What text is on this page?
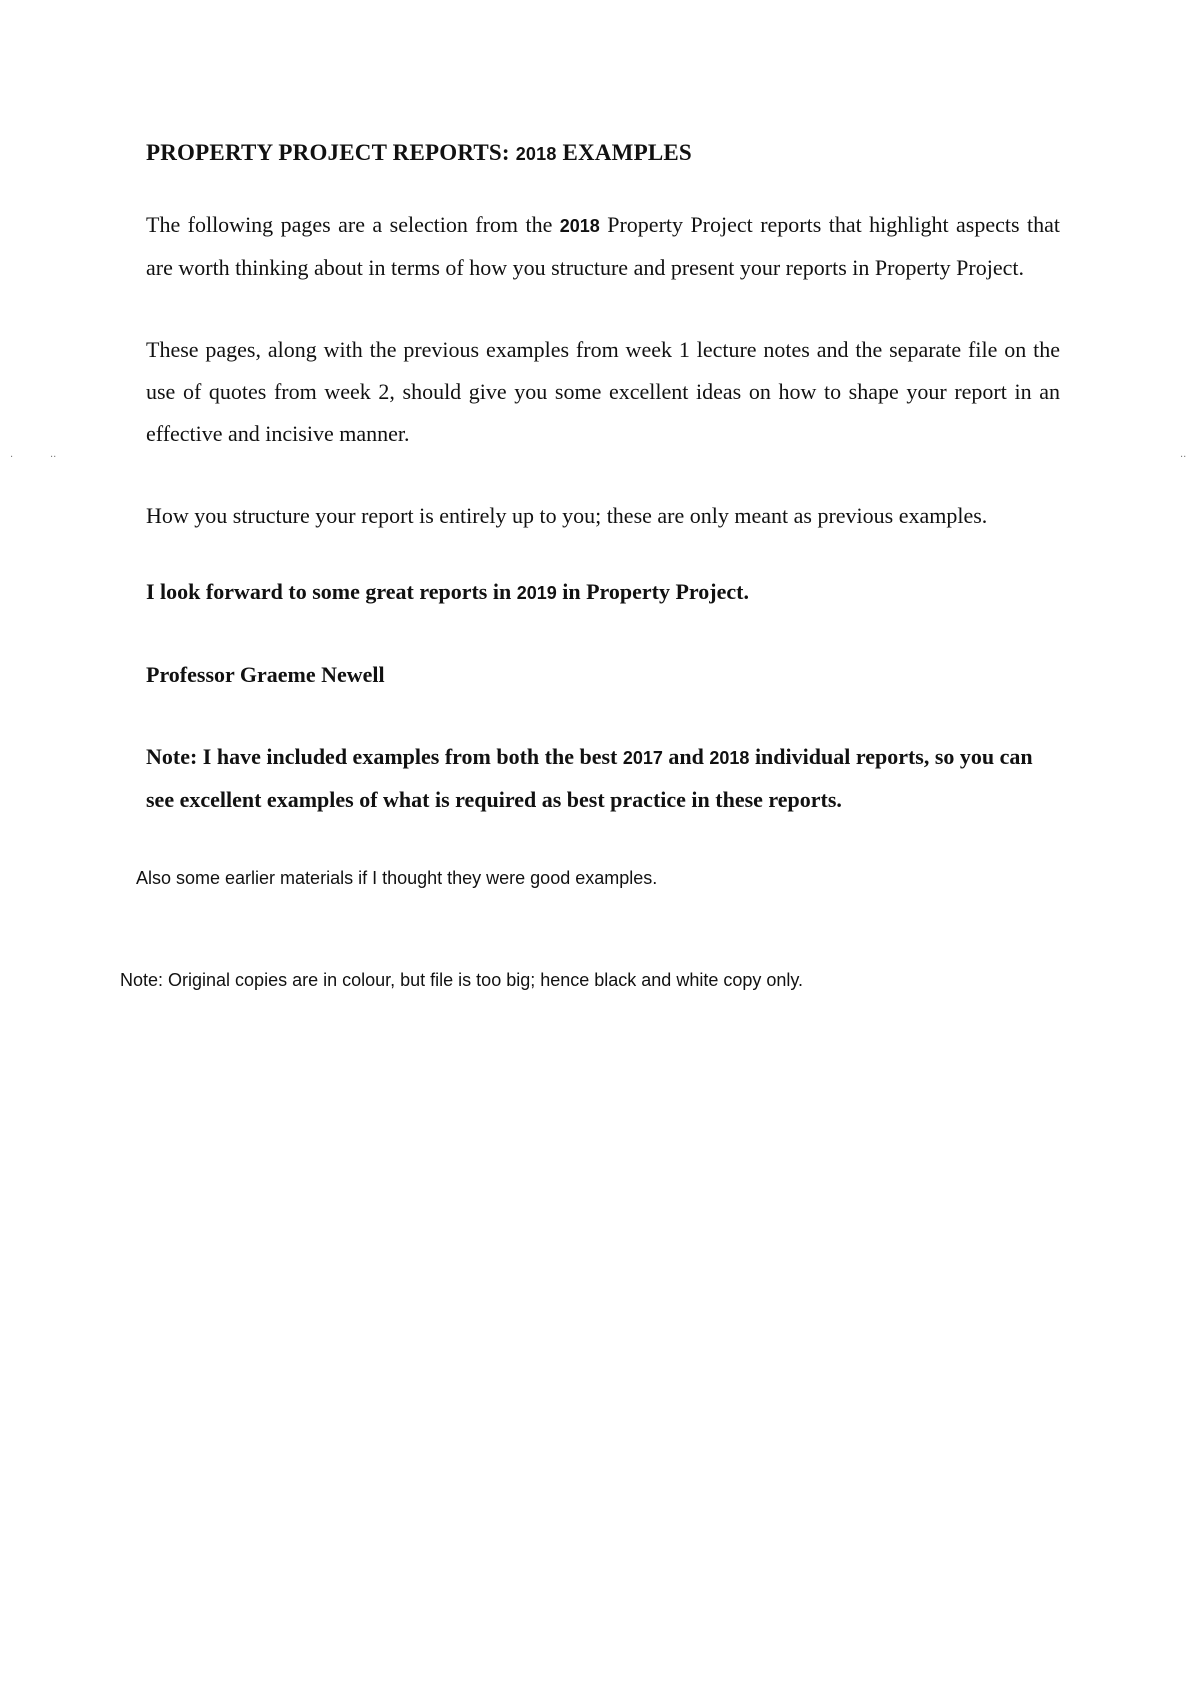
·	··	··
PROPERTY PROJECT REPORTS: 2018 EXAMPLES

The following pages are a selection from the 2018 Property Project reports that highlight aspects that are worth thinking about in terms of how you structure and present your reports in Property Project.

These pages, along with the previous examples from week 1 lecture notes and the separate file on the use of quotes from week 2, should give you some excellent ideas on how to shape your report in an effective and incisive manner.

How you structure your report is entirely up to you; these are only meant as previous examples.

I look forward to some great reports in 2019 in Property Project.

Professor Graeme Newell

Note: I have included examples from both the best 2017 and 2018 individual reports, so you can see excellent examples of what is required as best practice in these reports.

Also some earlier materials if I thought they were good examples.

Note: Original copies are in colour, but file is too big; hence black and white copy only.
